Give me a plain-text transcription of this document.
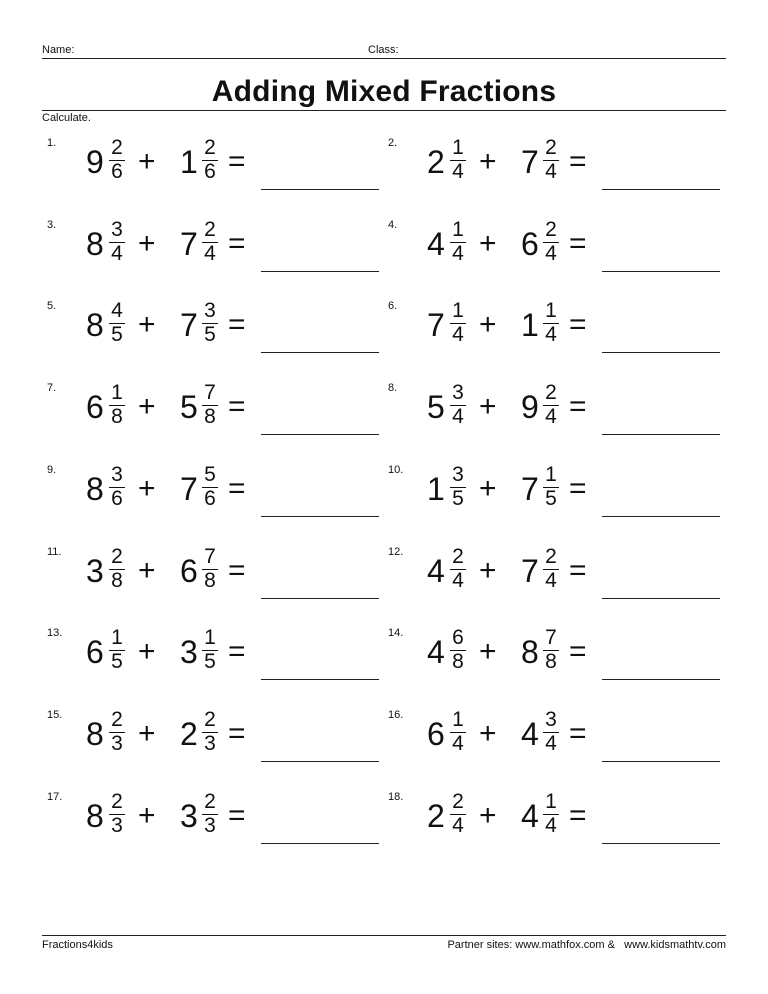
Name:	Class:
Adding Mixed Fractions
Calculate.
1.
9 2
6 + 1 2
6 =
2.
2 1
4 + 7 2
4 =
3.
8 3
4 + 7 2
4 =
4.
4 1
4 + 6 2
4 =
5.
8 4
5 + 7 3
5 =
6.
7 1
4 + 1 1
4 =
7.
6 1
8 + 5 7
8 =
8.
5 3
4 + 9 2
4 =
9.
8 3
6 + 7 5
6 =
10.
1 3
5 + 7 1
5 =
11.
3 2
8 + 6 7
8 =
12.
4 2
4 + 7 2
4 =
13.
6 1
5 + 3 1
5 =
14.
4 6
8 + 8 7
8 =
15.
8 2
3 + 2 2
3 =
16.
6 1
4 + 4 3
4 =
17.
8 2
3 + 3 2
3 =
18.
2 2
4 + 4 1
4 =
Fractions4kids	Partner sites: www.mathfox.com &   www.kidsmathtv.com
